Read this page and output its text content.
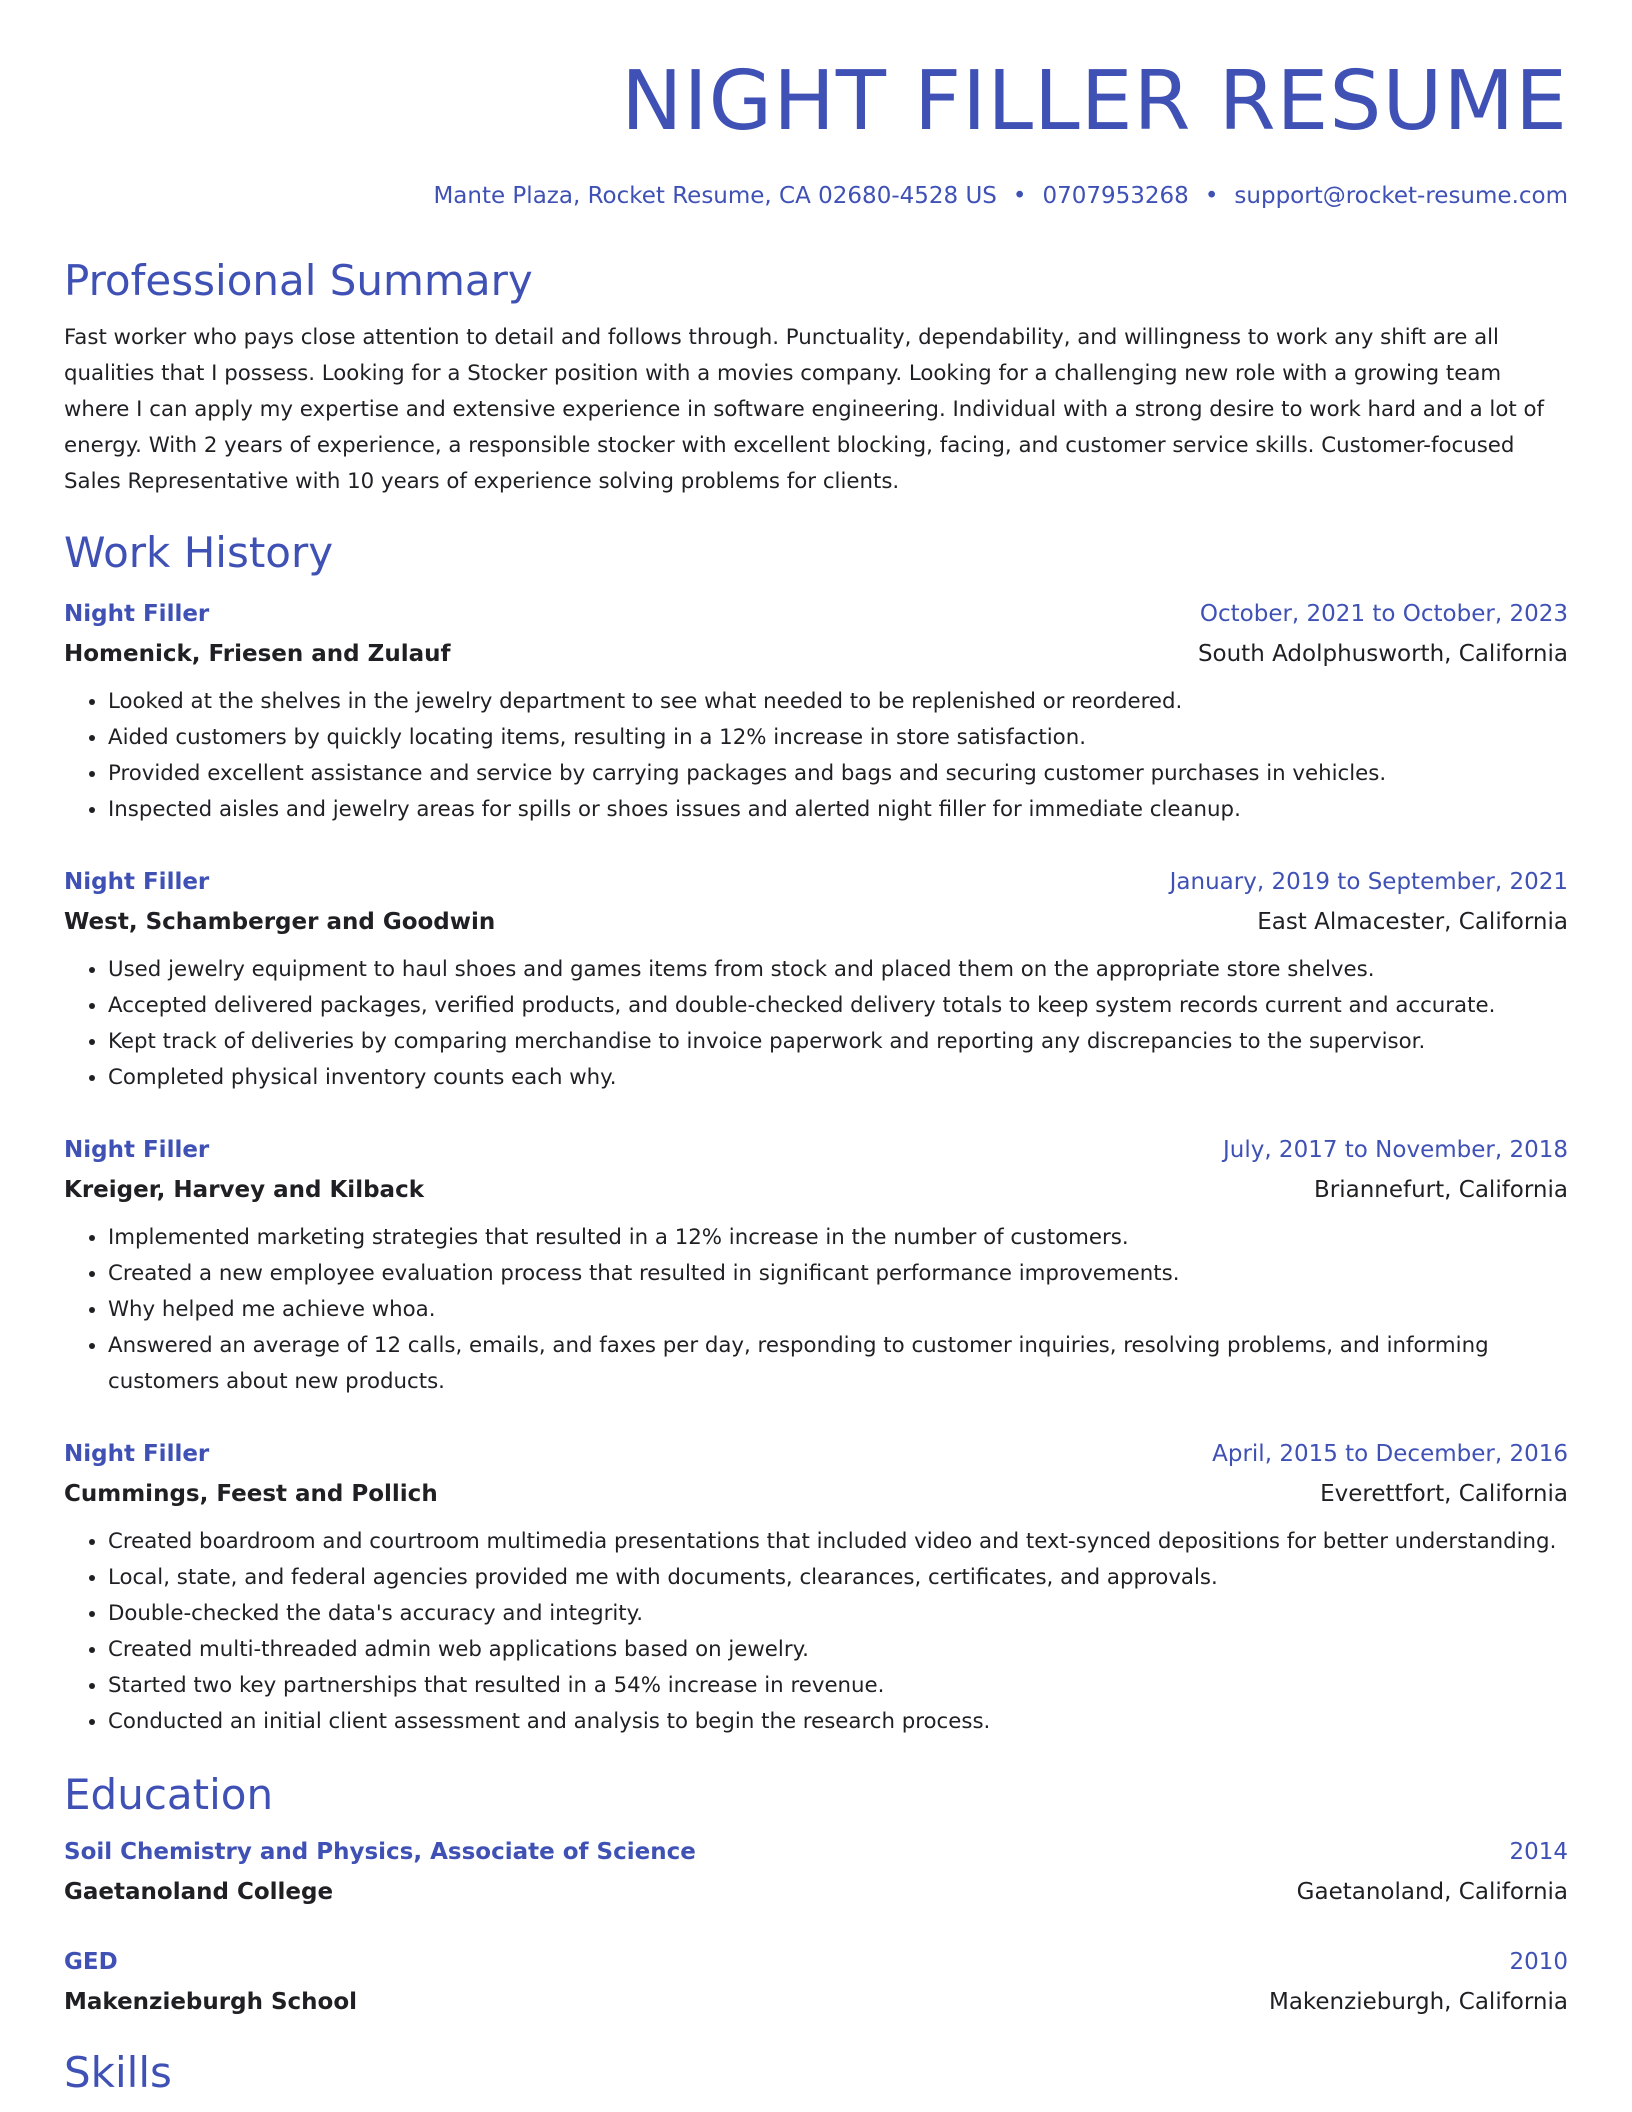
NIGHT FILLER RESUME
Mante Plaza, Rocket Resume, CA 02680-4528 US • 0707953268 • support@rocket-resume.com
Professional Summary

Fast worker who pays close attention to detail and follows through. Punctuality, dependability, and willingness to work any shift are all qualities that I possess. Looking for a Stocker position with a movies company. Looking for a challenging new role with a growing team where I can apply my expertise and extensive experience in software engineering. Individual with a strong desire to work hard and a lot of energy. With 2 years of experience, a responsible stocker with excellent blocking, facing, and customer service skills. Customer-focused Sales Representative with 10 years of experience solving problems for clients.

Work History
Night Filler	October, 2021 to October, 2023
Homenick, Friesen and Zulauf	South Adolphusworth, California
• Looked at the shelves in the jewelry department to see what needed to be replenished or reordered.
• Aided customers by quickly locating items, resulting in a 12% increase in store satisfaction.
• Provided excellent assistance and service by carrying packages and bags and securing customer purchases in vehicles.
• Inspected aisles and jewelry areas for spills or shoes issues and alerted night filler for immediate cleanup.
Night Filler	January, 2019 to September, 2021
West, Schamberger and Goodwin	East Almacester, California
• Used jewelry equipment to haul shoes and games items from stock and placed them on the appropriate store shelves.
• Accepted delivered packages, verified products, and double-checked delivery totals to keep system records current and accurate.
• Kept track of deliveries by comparing merchandise to invoice paperwork and reporting any discrepancies to the supervisor.
• Completed physical inventory counts each why.
Night Filler	July, 2017 to November, 2018
Kreiger, Harvey and Kilback	Briannefurt, California
• Implemented marketing strategies that resulted in a 12% increase in the number of customers.
• Created a new employee evaluation process that resulted in significant performance improvements.
• Why helped me achieve whoa.
• Answered an average of 12 calls, emails, and faxes per day, responding to customer inquiries, resolving problems, and informing customers about new products.
Night Filler	April, 2015 to December, 2016
Cummings, Feest and Pollich	Everettfort, California
• Created boardroom and courtroom multimedia presentations that included video and text-synced depositions for better understanding.
• Local, state, and federal agencies provided me with documents, clearances, certificates, and approvals.
• Double-checked the data's accuracy and integrity.
• Created multi-threaded admin web applications based on jewelry.
• Started two key partnerships that resulted in a 54% increase in revenue.
• Conducted an initial client assessment and analysis to begin the research process.
Education
Soil Chemistry and Physics, Associate of Science	2014
Gaetanoland College	Gaetanoland, California
GED	2010
Makenzieburgh School	Makenzieburgh, California
Skills
